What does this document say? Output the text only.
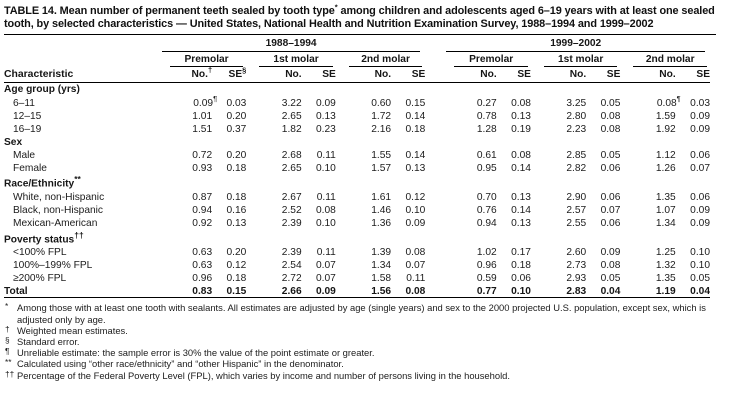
TABLE 14. Mean number of permanent teeth sealed by tooth type* among children and adolescents aged 6–19 years with at least one sealed tooth, by selected characteristics — United States, National Health and Nutrition Examination Survey, 1988–1994 and 1999–2002

	1988–1994							1999–2002					

	Premolar		1st molar		2nd molar			Premolar		1st molar		2nd molar	

Characteristic	No.†	SE§	No.	SE	No.	SE		No.	SE	No.	SE	No.	SE
Age group (yrs)													
6–11	0.09¶	0.03	3.22	0.09	0.60	0.15		0.27	0.08	3.25	0.05	0.08¶	0.03
12–15	1.01	0.20	2.65	0.13	1.72	0.14		0.78	0.13	2.80	0.08	1.59	0.09
16–19	1.51	0.37	1.82	0.23	2.16	0.18		1.28	0.19	2.23	0.08	1.92	0.09
Sex													
Male	0.72	0.20	2.68	0.11	1.55	0.14		0.61	0.08	2.85	0.05	1.12	0.06
Female	0.93	0.18	2.65	0.10	1.57	0.13		0.95	0.14	2.82	0.06	1.26	0.07
Race/Ethnicity**
White, non-Hispanic	0.87	0.18	2.67	0.11	1.61	0.12		0.70	0.13	2.90	0.06	1.35	0.06
Black, non-Hispanic	0.94	0.16	2.52	0.08	1.46	0.10		0.76	0.14	2.57	0.07	1.07	0.09
Mexican-American	0.92	0.13	2.39	0.10	1.36	0.09		0.94	0.13	2.55	0.06	1.34	0.09
Poverty status††
<100% FPL	0.63	0.20	2.39	0.11	1.39	0.08		1.02	0.17	2.60	0.09	1.25	0.10
100%–199% FPL	0.63	0.12	2.54	0.07	1.34	0.07		0.96	0.18	2.73	0.08	1.32	0.10
≥200% FPL	0.96	0.18	2.72	0.07	1.58	0.11		0.59	0.06	2.93	0.05	1.35	0.05
Total	0.83	0.15	2.66	0.09	1.56	0.08		0.77	0.10	2.83	0.04	1.19	0.04
* Among those with at least one tooth with sealants. All estimates are adjusted by age (single years) and sex to the 2000 projected U.S. population, except sex, which is adjusted only by age.
† Weighted mean estimates.
§ Standard error.
¶ Unreliable estimate: the sample error is 30% the value of the point estimate or greater.
** Calculated using “other race/ethnicity” and “other Hispanic” in the denominator.
†† Percentage of the Federal Poverty Level (FPL), which varies by income and number of persons living in the household.
